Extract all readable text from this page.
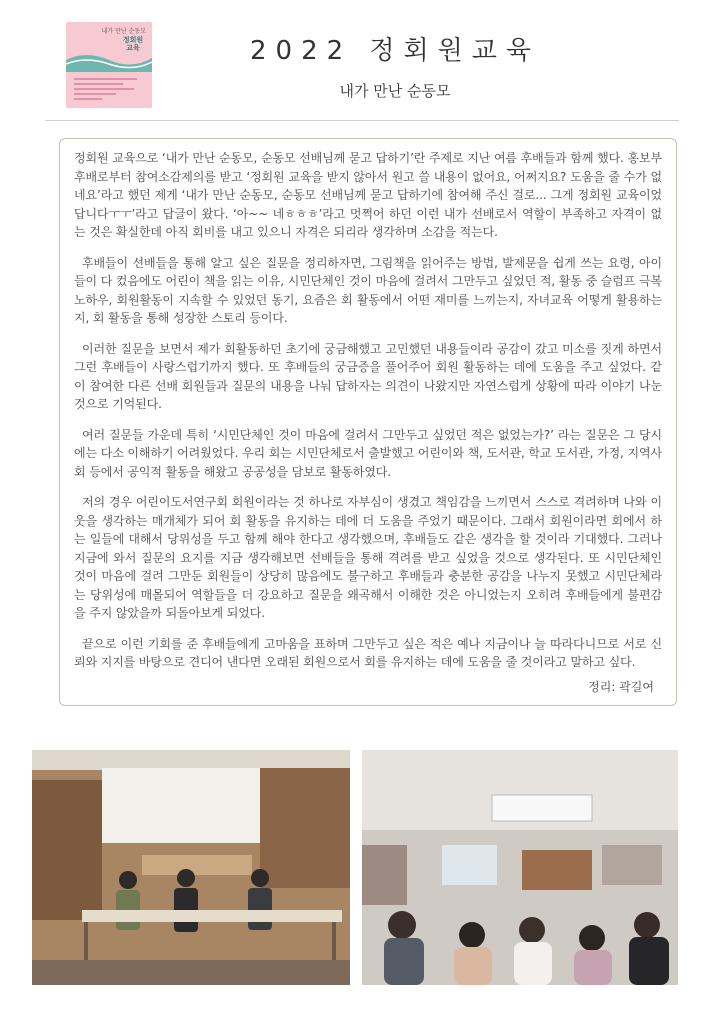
내가 만난 순동모
정회원교육	2022 정회원교육
내가 만난 순동모

정회원 교육으로 ‘내가 만난 순동모, 순동모 선배님께 묻고 답하기’란 주제로 지난 여름 후배들과 함께 했다. 홍보부 후배로부터 참여소감제의를 받고 ‘정회원 교육을 받지 않아서 원고 쓸 내용이 없어요, 어쩌지요? 도움을 줄 수가 없네요’라고 했던 제게 ‘내가 만난 순동모, 순동모 선배님께 묻고 답하기에 참여해 주신 걸로... 그게 정회원 교육이었답니다ㅜㅜ’라고 답글이 왔다. ‘아~~ 네ㅎㅎㅎ’라고 멋쩍어 하던 이런 내가 선배로서 역할이 부족하고 자격이 없는 것은 확실한데 아직 회비를 내고 있으니 자격은 되리라 생각하며 소감을 적는다.

후배들이 선배들을 통해 알고 싶은 질문을 정리하자면, 그림책을 읽어주는 방법, 발제문을 쉽게 쓰는 요령, 아이들이 다 컸음에도 어린이 책을 읽는 이유, 시민단체인 것이 마음에 걸려서 그만두고 싶었던 적, 활동 중 슬럼프 극복 노하우, 회원활동이 지속할 수 있었던 동기, 요즘은 회 활동에서 어떤 재미를 느끼는지, 자녀교육 어떻게 활용하는지, 회 활동을 통해 성장한 스토리 등이다.

이러한 질문을 보면서 제가 회활동하던 초기에 궁금해했고 고민했던 내용들이라 공감이 갔고 미소를 짓게 하면서 그런 후배들이 사랑스럽기까지 했다. 또 후배들의 궁금증을 풀어주어 회원 활동하는 데에 도움을 주고 싶었다. 같이 참여한 다른 선배 회원들과 질문의 내용을 나눠 답하자는 의견이 나왔지만 자연스럽게 상황에 따라 이야기 나눈 것으로 기억된다.

여러 질문들 가운데 특히 ‘시민단체인 것이 마음에 걸려서 그만두고 싶었던 적은 없었는가?’ 라는 질문은 그 당시에는 다소 이해하기 어려웠었다. 우리 회는 시민단체로서 출발했고 어린이와 책, 도서관, 학교 도서관, 가정, 지역사회 등에서 공익적 활동을 해왔고 공공성을 담보로 활동하였다.

저의 경우 어린이도서연구회 회원이라는 것 하나로 자부심이 생겼고 책임감을 느끼면서 스스로 격려하며 나와 이웃을 생각하는 매개체가 되어 회 활동을 유지하는 데에 더 도움을 주었기 때문이다. 그래서 회원이라면 회에서 하는 일들에 대해서 당위성을 두고 함께 해야 한다고 생각했으며, 후배들도 같은 생각을 할 것이라 기대했다. 그러나 지금에 와서 질문의 요지를 지금 생각해보면 선배들을 통해 격려를 받고 싶었을 것으로 생각된다. 또 시민단체인 것이 마음에 걸려 그만둔 회원들이 상당히 많음에도 불구하고 후배들과 충분한 공감을 나누지 못했고 시민단체라는 당위성에 매몰되어 역할들을 더 강요하고 질문을 왜곡해서 이해한 것은 아니었는지 오히려 후배들에게 불편감을 주지 않았을까 되돌아보게 되었다.

끝으로 이런 기회를 준 후배들에게 고마움을 표하며 그만두고 싶은 적은 예나 지금이나 늘 따라다니므로 서로 신뢰와 지지를 바탕으로 견디어 낸다면 오래된 회원으로서 회를 유지하는 데에 도움을 줄 것이라고 말하고 싶다.

정리: 곽길여
